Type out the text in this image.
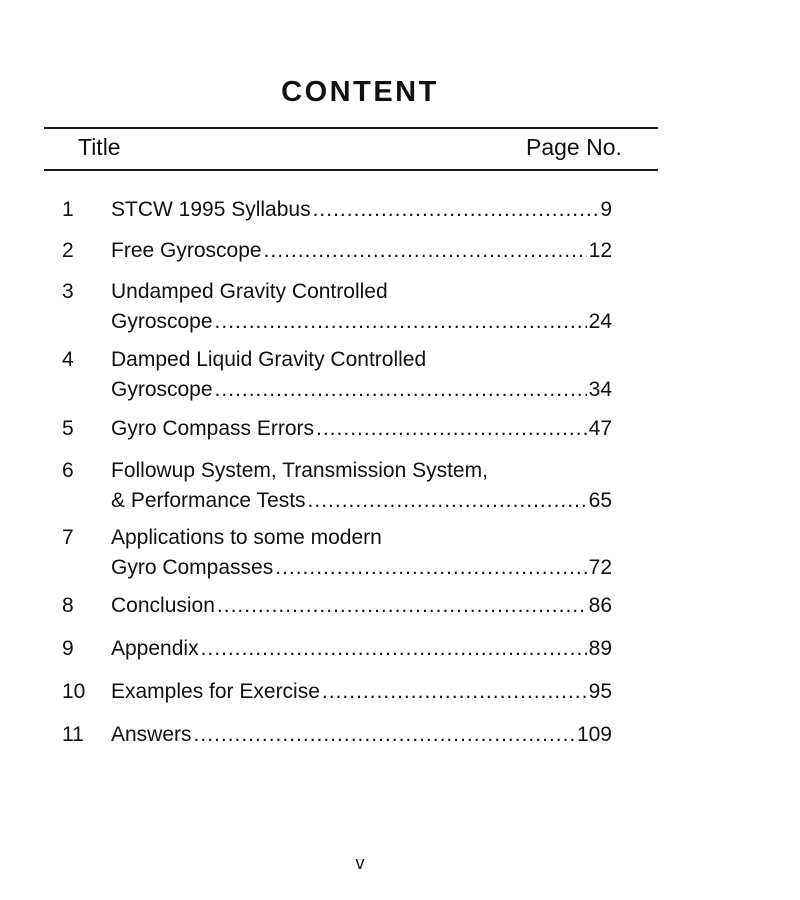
CONTENT
Title	Page No.
1 STCW 1995 Syllabus .....	9
2 Free Gyroscope .....	12
3 Undamped Gravity Controlled
Gyroscope .....	24
4 Damped Liquid Gravity Controlled
Gyroscope .....	34
5 Gyro Compass Errors .....	47
6 Followup System, Transmission System,
& Performance Tests .....	65
7 Applications to some modern
Gyro Compasses .....	72
8 Conclusion .....	86
9 Appendix .....	89
10 Examples for Exercise .....	95
11 Answers .....	109
v
